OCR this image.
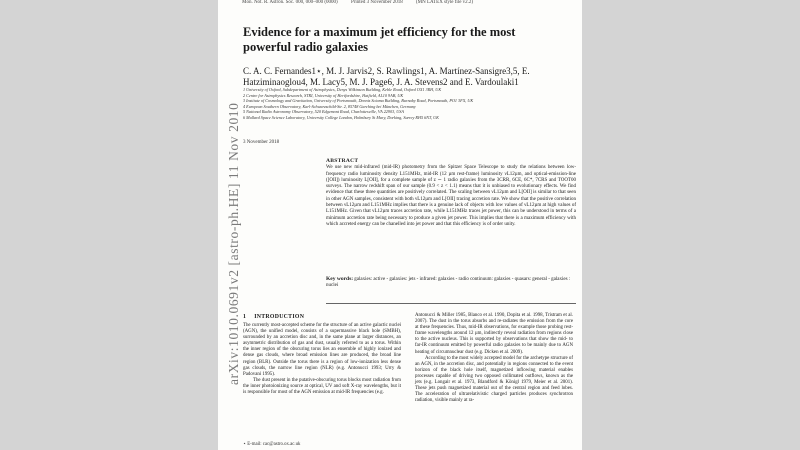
Mon. Not. R. Astron. Soc. 000, 000–000 (0000)	Printed 3 November 2018	(MN LATEX style file v2.2)
arXiv:1010.0691v2 [astro-ph.HE] 11 Nov 2010
Evidence for a maximum jet efficiency for the most powerful radio galaxies
C. A. C. Fernandes1⋆, M. J. Jarvis2, S. Rawlings1, A. Martínez-Sansigre3,5, E. Hatziminaoglou4, M. Lacy5, M. J. Page6, J. A. Stevens2 and E. Vardoulaki1
1 University of Oxford, Subdepartment of Astrophysics, Denys Wilkinson Building, Keble Road, Oxford OX1 3RH, UK
2 Centre for Astrophysics Research, STRI, University of Hertfordshire, Hatfield, AL10 9AB, UK
3 Institute of Cosmology and Gravitation, University of Portsmouth, Dennis Sciama Building, Burnaby Road, Portsmouth, PO1 3FX, UK
4 European Southern Observatory, Karl-Schwarzschild-Str. 2, 85748 Garching bei München, Germany
5 National Radio Astronomy Observatory, 520 Edgemont Road, Charlottesville, VA 22903, USA
6 Mullard Space Science Laboratory, University College London, Holmbury St Mary, Dorking, Surrey RH5 6NT, UK
3 November 2018
ABSTRACT

We use new mid-infrared (mid-IR) photometry from the Spitzer Space Telescope to study the relations between low-frequency radio luminosity density L151MHz, mid-IR (12 µm rest-frame) luminosity νL12µm, and optical-emission-line ([OII]) luminosity L[OII], for a complete sample of z ∼ 1 radio galaxies from the 3CRR, 6CE, 6C*, 7CRS and TOOT00 surveys. The narrow redshift span of our sample (0.9 < z < 1.1) means that it is unbiased to evolutionary effects. We find evidence that these three quantities are positively correlated. The scaling between νL12µm and L[OII] is similar to that seen in other AGN samples, consistent with both νL12µm and L[OII] tracing accretion rate. We show that the positive correlation between νL12µm and L151MHz implies that there is a genuine lack of objects with low values of νL12µm at high values of L151MHz. Given that νL12µm traces accretion rate, while L151MHz traces jet power, this can be understood in terms of a minimum accretion rate being necessary to produce a given jet power. This implies that there is a maximum efficiency with which accreted energy can be chanelled into jet power and that this efficiency is of order unity.

Key words: galaxies: active - galaxies: jets - infrared: galaxies - radio continuum: galaxies - quasars: general - galaxies : nuclei
1 INTRODUCTION

The currently most-accepted scheme for the structure of an active galactic nuclei (AGN), the unified model, consists of a supermassive black hole (SMBH), surrounded by an accretion disc and, in the same plane at larger distances, an asymmetric distribution of gas and dust, usually referred to as a torus. Within the inner region of the obscuring torus lies an ensemble of highly ionized and dense gas clouds, where broad emission lines are produced, the broad line region (BLR). Outside the torus there is a region of low-ionization less dense gas clouds, the narrow line region (NLR) (e.g. Antonucci 1993; Urry & Padovani 1995).

The dust present in the putative-obscuring torus blocks most radiation from the inner photoionizing source at optical, UV and soft X-ray wavelengths, but it is responsible for most of the AGN emission at mid-IR frequencies (e.g.

Antonucci & Miller 1985, Blanco et al. 1990, Dopita et al. 1998, Tristram et al. 2007). The dust in the torus absorbs and re-radiates the emission from the core at these frequencies. Thus, mid-IR observations, for example those probing rest-frame wavelengths around 12 µm, indirectly reveal radiation from regions close to the active nucleus. This is supported by observations that show the mid- to far-IR continuum emitted by powerful radio galaxies to be mainly due to AGN heating of circumnuclear dust (e.g. Dicken et al. 2009).

According to the most widely accepted model for the archetype structure of an AGN, in the accretion disc, and potentially in regions connected to the event horizon of the black hole itself, magnetized inflowing material enables processes capable of driving two opposed collimated outflows, known as the jets (e.g. Longair et al. 1973, Blandford & Königl 1979, Meier et al. 2001). These jets push magnetized material out of the central region and feed lobes. The acceleration of ultrarelativistic charged particles produces synchrotron radiation, visible mainly at ra-

⋆ E-mail: cac@astro.ox.ac.uk
